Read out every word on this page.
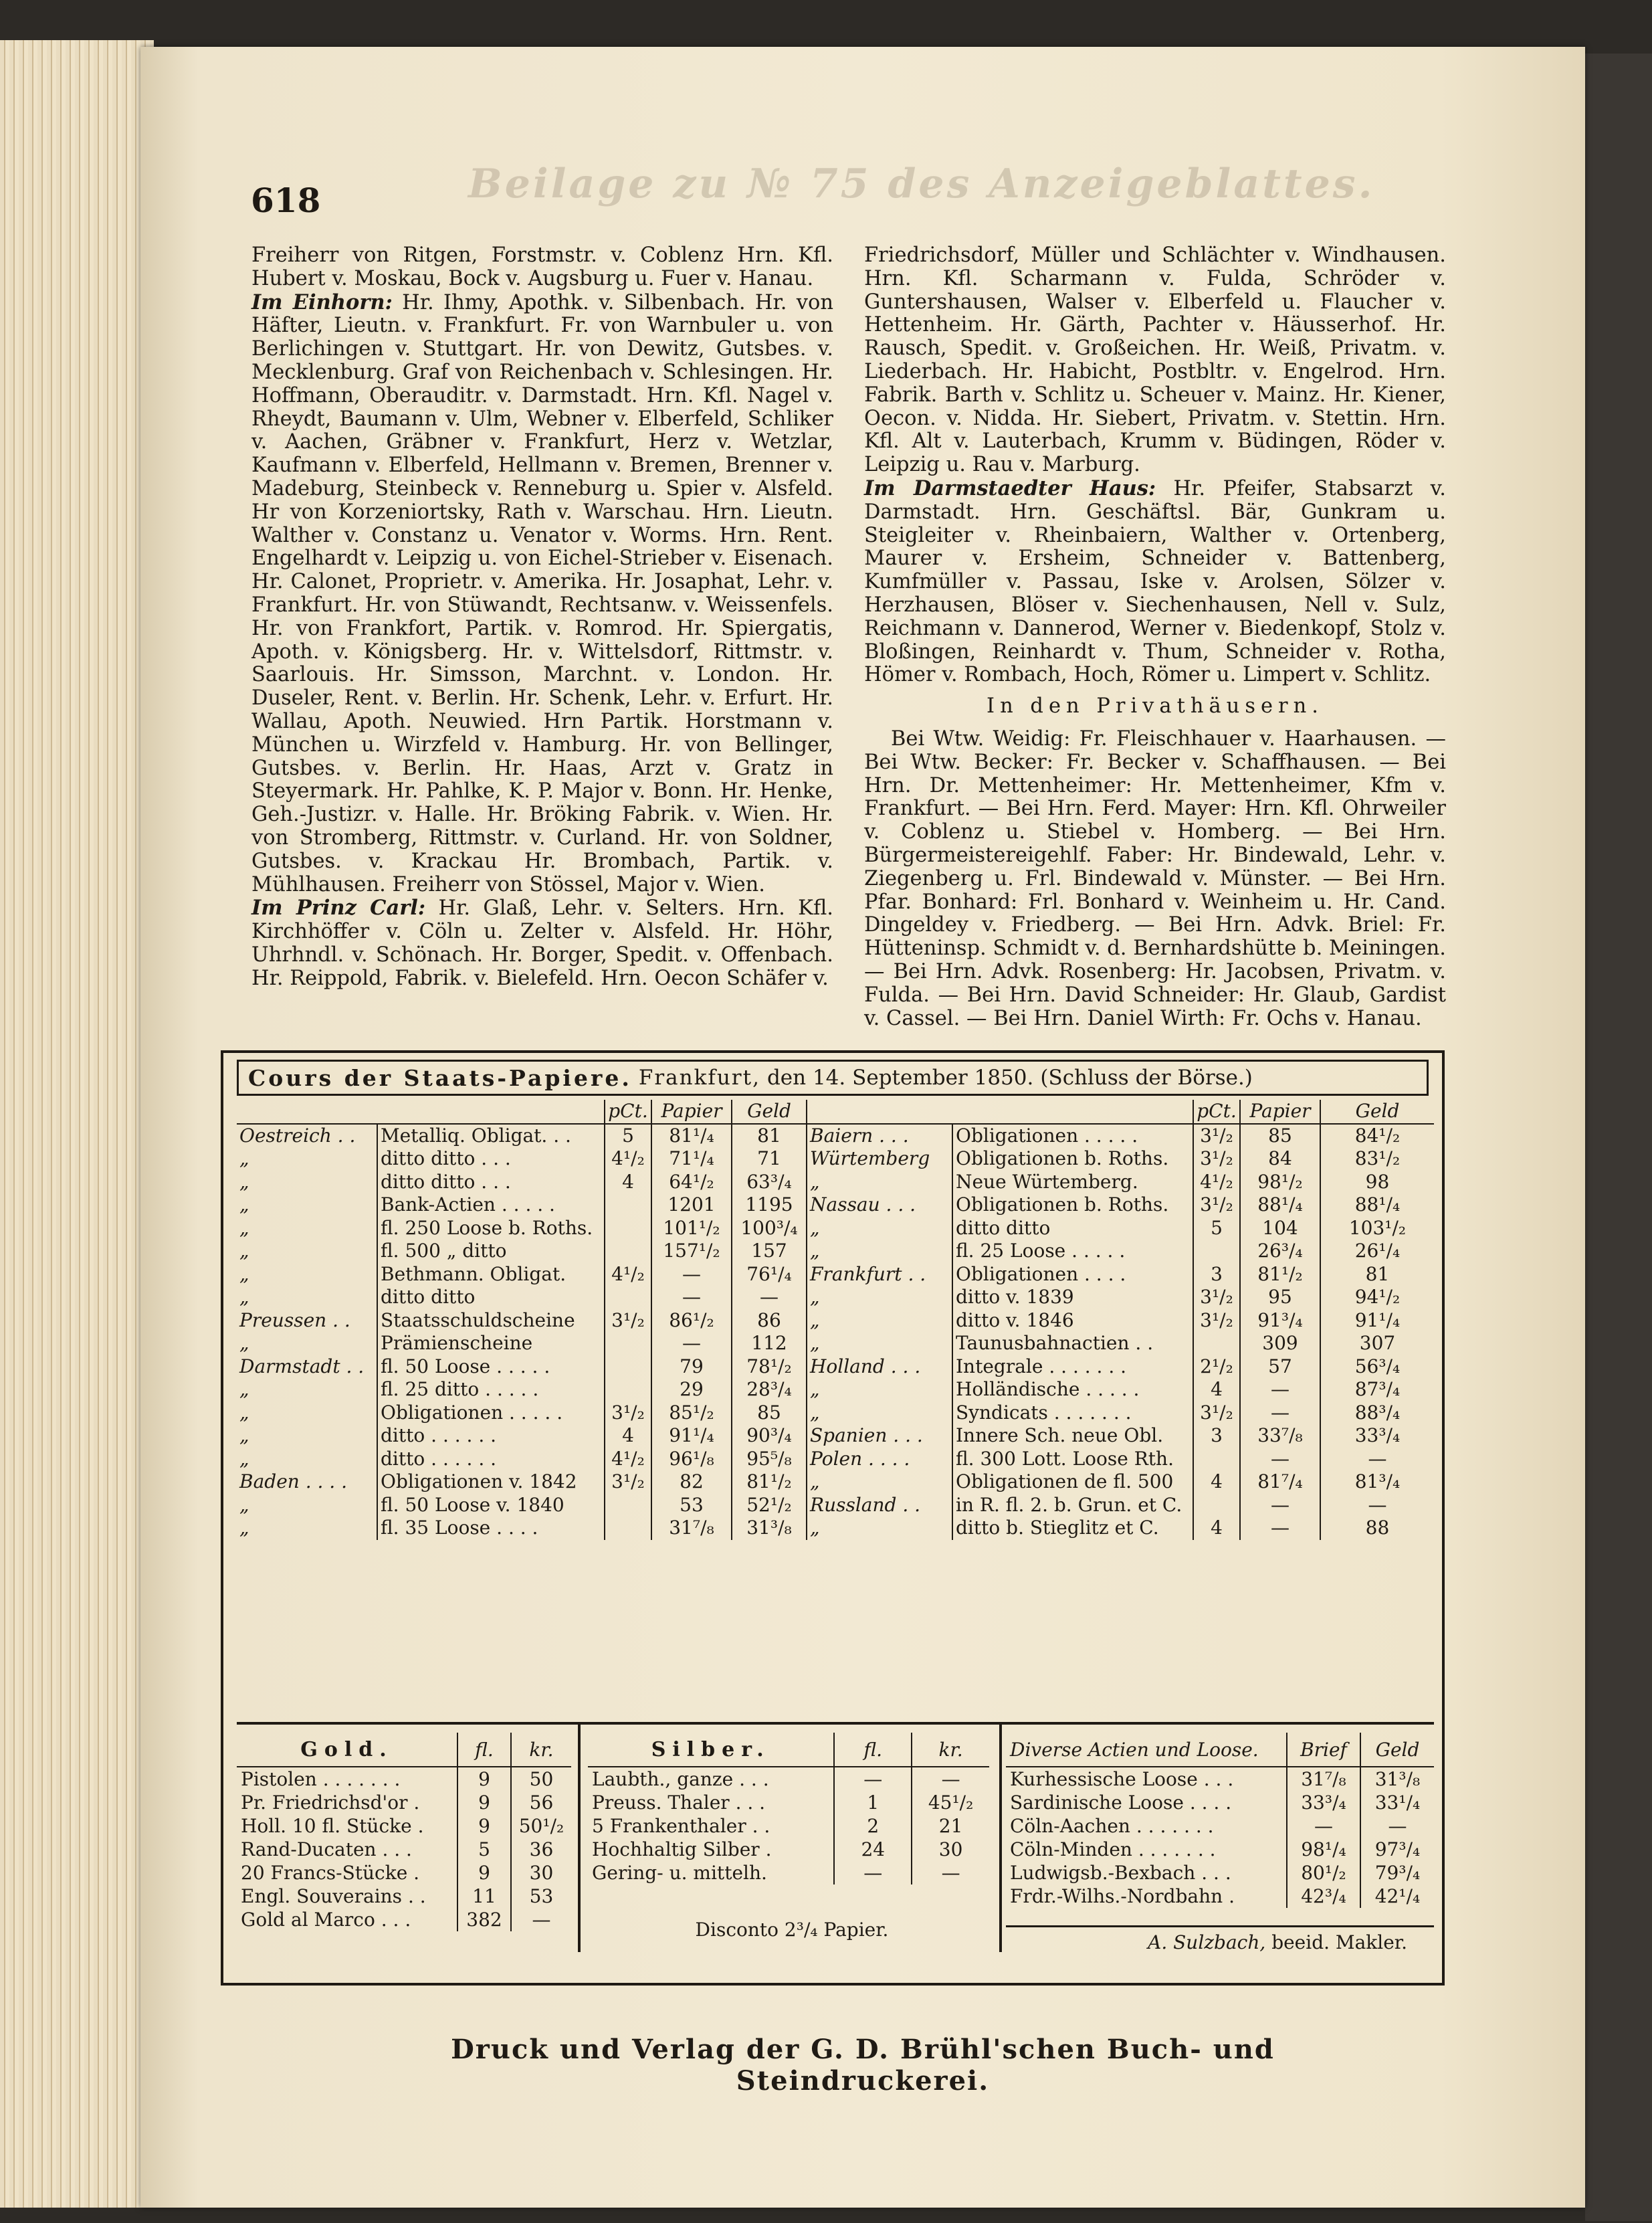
Beilage zu № 75 des Anzeigeblattes.
618

Freiherr von Ritgen, Forstmstr. v. Coblenz Hrn. Kfl. Hubert v. Moskau, Bock v. Augsburg u. Fuer v. Hanau.

Im Einhorn: Hr. Ihmy, Apothk. v. Silbenbach. Hr. von Häfter, Lieutn. v. Frankfurt. Fr. von Warnbuler u. von Berlichingen v. Stuttgart. Hr. von Dewitz, Gutsbes. v. Mecklenburg. Graf von Reichenbach v. Schlesingen. Hr. Hoffmann, Oberauditr. v. Darmstadt. Hrn. Kfl. Nagel v. Rheydt, Baumann v. Ulm, Webner v. Elberfeld, Schliker v. Aachen, Gräbner v. Frankfurt, Herz v. Wetzlar, Kaufmann v. Elberfeld, Hellmann v. Bremen, Brenner v. Madeburg, Steinbeck v. Renneburg u. Spier v. Alsfeld. Hr von Korzeniortsky, Rath v. Warschau. Hrn. Lieutn. Walther v. Constanz u. Venator v. Worms. Hrn. Rent. Engelhardt v. Leipzig u. von Eichel-Strieber v. Eisenach. Hr. Calonet, Proprietr. v. Amerika. Hr. Josaphat, Lehr. v. Frankfurt. Hr. von Stüwandt, Rechtsanw. v. Weissenfels. Hr. von Frankfort, Partik. v. Romrod. Hr. Spiergatis, Apoth. v. Königsberg. Hr. v. Wittelsdorf, Rittmstr. v. Saarlouis. Hr. Simsson, Marchnt. v. London. Hr. Duseler, Rent. v. Berlin. Hr. Schenk, Lehr. v. Erfurt. Hr. Wallau, Apoth. Neuwied. Hrn Partik. Horstmann v. München u. Wirzfeld v. Hamburg. Hr. von Bellinger, Gutsbes. v. Berlin. Hr. Haas, Arzt v. Gratz in Steyermark. Hr. Pahlke, K. P. Major v. Bonn. Hr. Henke, Geh.-Justizr. v. Halle. Hr. Bröking Fabrik. v. Wien. Hr. von Stromberg, Rittmstr. v. Curland. Hr. von Soldner, Gutsbes. v. Krackau Hr. Brombach, Partik. v. Mühlhausen. Freiherr von Stössel, Major v. Wien.

Im Prinz Carl: Hr. Glaß, Lehr. v. Selters. Hrn. Kfl. Kirchhöffer v. Cöln u. Zelter v. Alsfeld. Hr. Höhr, Uhrhndl. v. Schönach. Hr. Borger, Spedit. v. Offenbach. Hr. Reippold, Fabrik. v. Bielefeld. Hrn. Oecon Schäfer v.

Friedrichsdorf, Müller und Schlächter v. Windhausen. Hrn. Kfl. Scharmann v. Fulda, Schröder v. Guntershausen, Walser v. Elberfeld u. Flaucher v. Hettenheim. Hr. Gärth, Pachter v. Häusserhof. Hr. Rausch, Spedit. v. Großeichen. Hr. Weiß, Privatm. v. Liederbach. Hr. Habicht, Postbltr. v. Engelrod. Hrn. Fabrik. Barth v. Schlitz u. Scheuer v. Mainz. Hr. Kiener, Oecon. v. Nidda. Hr. Siebert, Privatm. v. Stettin. Hrn. Kfl. Alt v. Lauterbach, Krumm v. Büdingen, Röder v. Leipzig u. Rau v. Marburg.

Im Darmstaedter Haus: Hr. Pfeifer, Stabsarzt v. Darmstadt. Hrn. Geschäftsl. Bär, Gunkram u. Steigleiter v. Rheinbaiern, Walther v. Ortenberg, Maurer v. Ersheim, Schneider v. Battenberg, Kumfmüller v. Passau, Iske v. Arolsen, Sölzer v. Herzhausen, Blöser v. Siechenhausen, Nell v. Sulz, Reichmann v. Dannerod, Werner v. Biedenkopf, Stolz v. Bloßingen, Reinhardt v. Thum, Schneider v. Rotha, Hömer v. Rombach, Hoch, Römer u. Limpert v. Schlitz.

In den Privathäusern.

Bei Wtw. Weidig: Fr. Fleischhauer v. Haarhausen. — Bei Wtw. Becker: Fr. Becker v. Schaffhausen. — Bei Hrn. Dr. Mettenheimer: Hr. Mettenheimer, Kfm v. Frankfurt. — Bei Hrn. Ferd. Mayer: Hrn. Kfl. Ohrweiler v. Coblenz u. Stiebel v. Homberg. — Bei Hrn. Bürgermeistereigehlf. Faber: Hr. Bindewald, Lehr. v. Ziegenberg u. Frl. Bindewald v. Münster. — Bei Hrn. Pfar. Bonhard: Frl. Bonhard v. Weinheim u. Hr. Cand. Dingeldey v. Friedberg. — Bei Hrn. Advk. Briel: Fr. Hütteninsp. Schmidt v. d. Bernhardshütte b. Meiningen. — Bei Hrn. Advk. Rosenberg: Hr. Jacobsen, Privatm. v. Fulda. — Bei Hrn. David Schneider: Hr. Glaub, Gardist v. Cassel. — Bei Hrn. Daniel Wirth: Fr. Ochs v. Hanau.

Cours der Staats-Papiere. Frankfurt, den 14. September 1850. (Schluss der Börse.)
		pCt.	Papier	Geld			pCt.	Papier	Geld
Oestreich . .	Metalliq. Obligat. . .	5	81¹/₄	81	Baiern . . .	Obligationen . . . . .	3¹/₂	85	84¹/₂
„	ditto ditto . . .	4¹/₂	71¹/₄	71	Würtemberg	Obligationen b. Roths.	3¹/₂	84	83¹/₂
„	ditto ditto . . .	4	64¹/₂	63³/₄	„	Neue Würtemberg.	4¹/₂	98¹/₂	98
„	Bank-Actien . . . . .		1201	1195	Nassau . . .	Obligationen b. Roths.	3¹/₂	88¹/₄	88¹/₄
„	fl. 250 Loose b. Roths.		101¹/₂	100³/₄	„	ditto ditto	5	104	103¹/₂
„	fl. 500 „ ditto		157¹/₂	157	„	fl. 25 Loose . . . . .		26³/₄	26¹/₄
„	Bethmann. Obligat.	4¹/₂	—	76¹/₄	Frankfurt . .	Obligationen . . . .	3	81¹/₂	81
„	ditto ditto		—	—	„	ditto v. 1839	3¹/₂	95	94¹/₂
Preussen . .	Staatsschuldscheine	3¹/₂	86¹/₂	86	„	ditto v. 1846	3¹/₂	91³/₄	91¹/₄
„	Prämienscheine		—	112	„	Taunusbahnactien . .		309	307
Darmstadt . .	fl. 50 Loose . . . . .		79	78¹/₂	Holland . . .	Integrale . . . . . . .	2¹/₂	57	56³/₄
„	fl. 25 ditto . . . . .		29	28³/₄	„	Holländische . . . . .	4	—	87³/₄
„	Obligationen . . . . .	3¹/₂	85¹/₂	85	„	Syndicats . . . . . . .	3¹/₂	—	88³/₄
„	ditto . . . . . .	4	91¹/₄	90³/₄	Spanien . . .	Innere Sch. neue Obl.	3	33⁷/₈	33³/₄
„	ditto . . . . . .	4¹/₂	96¹/₈	95⁵/₈	Polen . . . .	fl. 300 Lott. Loose Rth.		—	—
Baden . . . .	Obligationen v. 1842	3¹/₂	82	81¹/₂	„	Obligationen de fl. 500	4	81⁷/₄	81³/₄
„	fl. 50 Loose v. 1840		53	52¹/₂	Russland . .	in R. fl. 2. b. Grun. et C.		—	—
„	fl. 35 Loose . . . .		31⁷/₈	31³/₈	„	ditto b. Stieglitz et C.	4	—	88
Gold.	fl.	kr.
Pistolen . . . . . . .	9	50
Pr. Friedrichsd'or .	9	56
Holl. 10 fl. Stücke .	9	50¹/₂
Rand-Ducaten . . .	5	36
20 Francs-Stücke .	9	30
Engl. Souverains . .	11	53
Gold al Marco . . .	382	—
Silber.	fl.	kr.
Laubth., ganze . . .	—	—
Preuss. Thaler . . .	1	45¹/₂
5 Frankenthaler . .	2	21
Hochhaltig Silber .	24	30
Gering- u. mittelh.	—	—
Disconto 2³/₄ Papier.
Diverse Actien und Loose.	Brief	Geld
Kurhessische Loose . . .	31⁷/₈	31³/₈
Sardinische Loose . . . .	33³/₄	33¹/₄
Cöln-Aachen . . . . . . .	—	—
Cöln-Minden . . . . . . .	98¹/₄	97³/₄
Ludwigsb.-Bexbach . . .	80¹/₂	79³/₄
Frdr.-Wilhs.-Nordbahn .	42³/₄	42¹/₄
A. Sulzbach, beeid. Makler.
Druck und Verlag der G. D. Brühl'schen Buch- und Steindruckerei.
